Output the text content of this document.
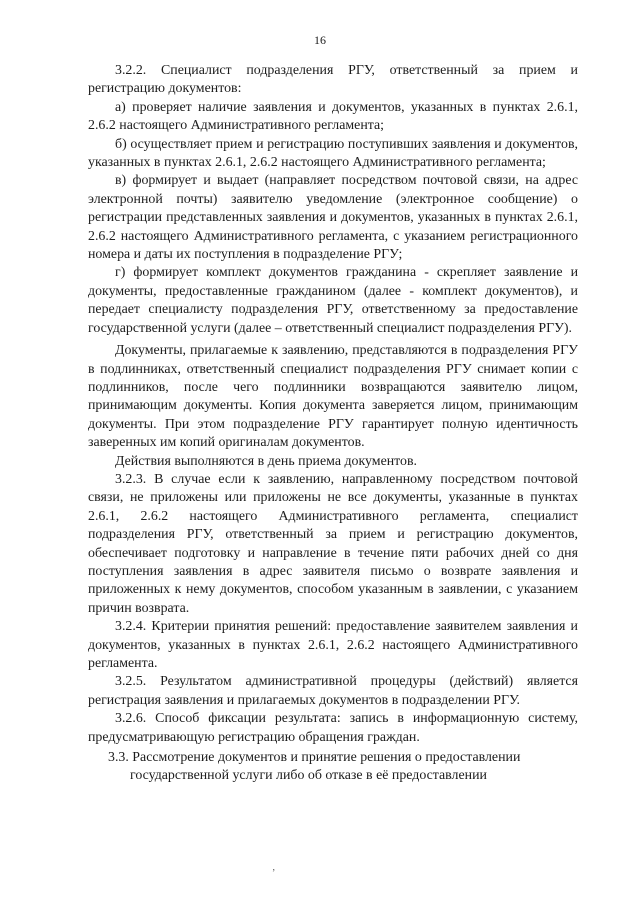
16

3.2.2. Специалист подразделения РГУ, ответственный за прием и регистрацию документов:

а) проверяет наличие заявления и документов, указанных в пунктах 2.6.1, 2.6.2 настоящего Административного регламента;

б) осуществляет прием и регистрацию поступивших заявления и документов, указанных в пунктах 2.6.1, 2.6.2 настоящего Административного регламента;

в) формирует и выдает (направляет посредством почтовой связи, на адрес электронной почты) заявителю уведомление (электронное сообщение) о регистрации представленных заявления и документов, указанных в пунктах 2.6.1, 2.6.2 настоящего Административного регламента, с указанием регистрационного номера и даты их поступления в подразделение РГУ;

г) формирует комплект документов гражданина - скрепляет заявление и документы, предоставленные гражданином (далее - комплект документов), и передает специалисту подразделения РГУ, ответственному за предоставление государственной услуги (далее – ответственный специалист подразделения РГУ).

Документы, прилагаемые к заявлению, представляются в подразделения РГУ в подлинниках, ответственный специалист подразделения РГУ снимает копии с подлинников, после чего подлинники возвращаются заявителю лицом, принимающим документы. Копия документа заверяется лицом, принимающим документы. При этом подразделение РГУ гарантирует полную идентичность заверенных им копий оригиналам документов.

Действия выполняются в день приема документов.

3.2.3. В случае если к заявлению, направленному посредством почтовой связи, не приложены или приложены не все документы, указанные в пунктах 2.6.1, 2.6.2 настоящего Административного регламента, специалист подразделения РГУ, ответственный за прием и регистрацию документов, обеспечивает подготовку и направление в течение пяти рабочих дней со дня поступления заявления в адрес заявителя письмо о возврате заявления и приложенных к нему документов, способом указанным в заявлении, с указанием причин возврата.

3.2.4. Критерии принятия решений: предоставление заявителем заявления и документов, указанных в пунктах 2.6.1, 2.6.2 настоящего Административного регламента.

3.2.5. Результатом административной процедуры (действий) является регистрация заявления и прилагаемых документов в подразделении РГУ.

3.2.6. Способ фиксации результата: запись в информационную систему, предусматривающую регистрацию обращения граждан.

3.3. Рассмотрение документов и принятие решения о предоставлении
государственной услуги либо об отказе в её предоставлении
’
